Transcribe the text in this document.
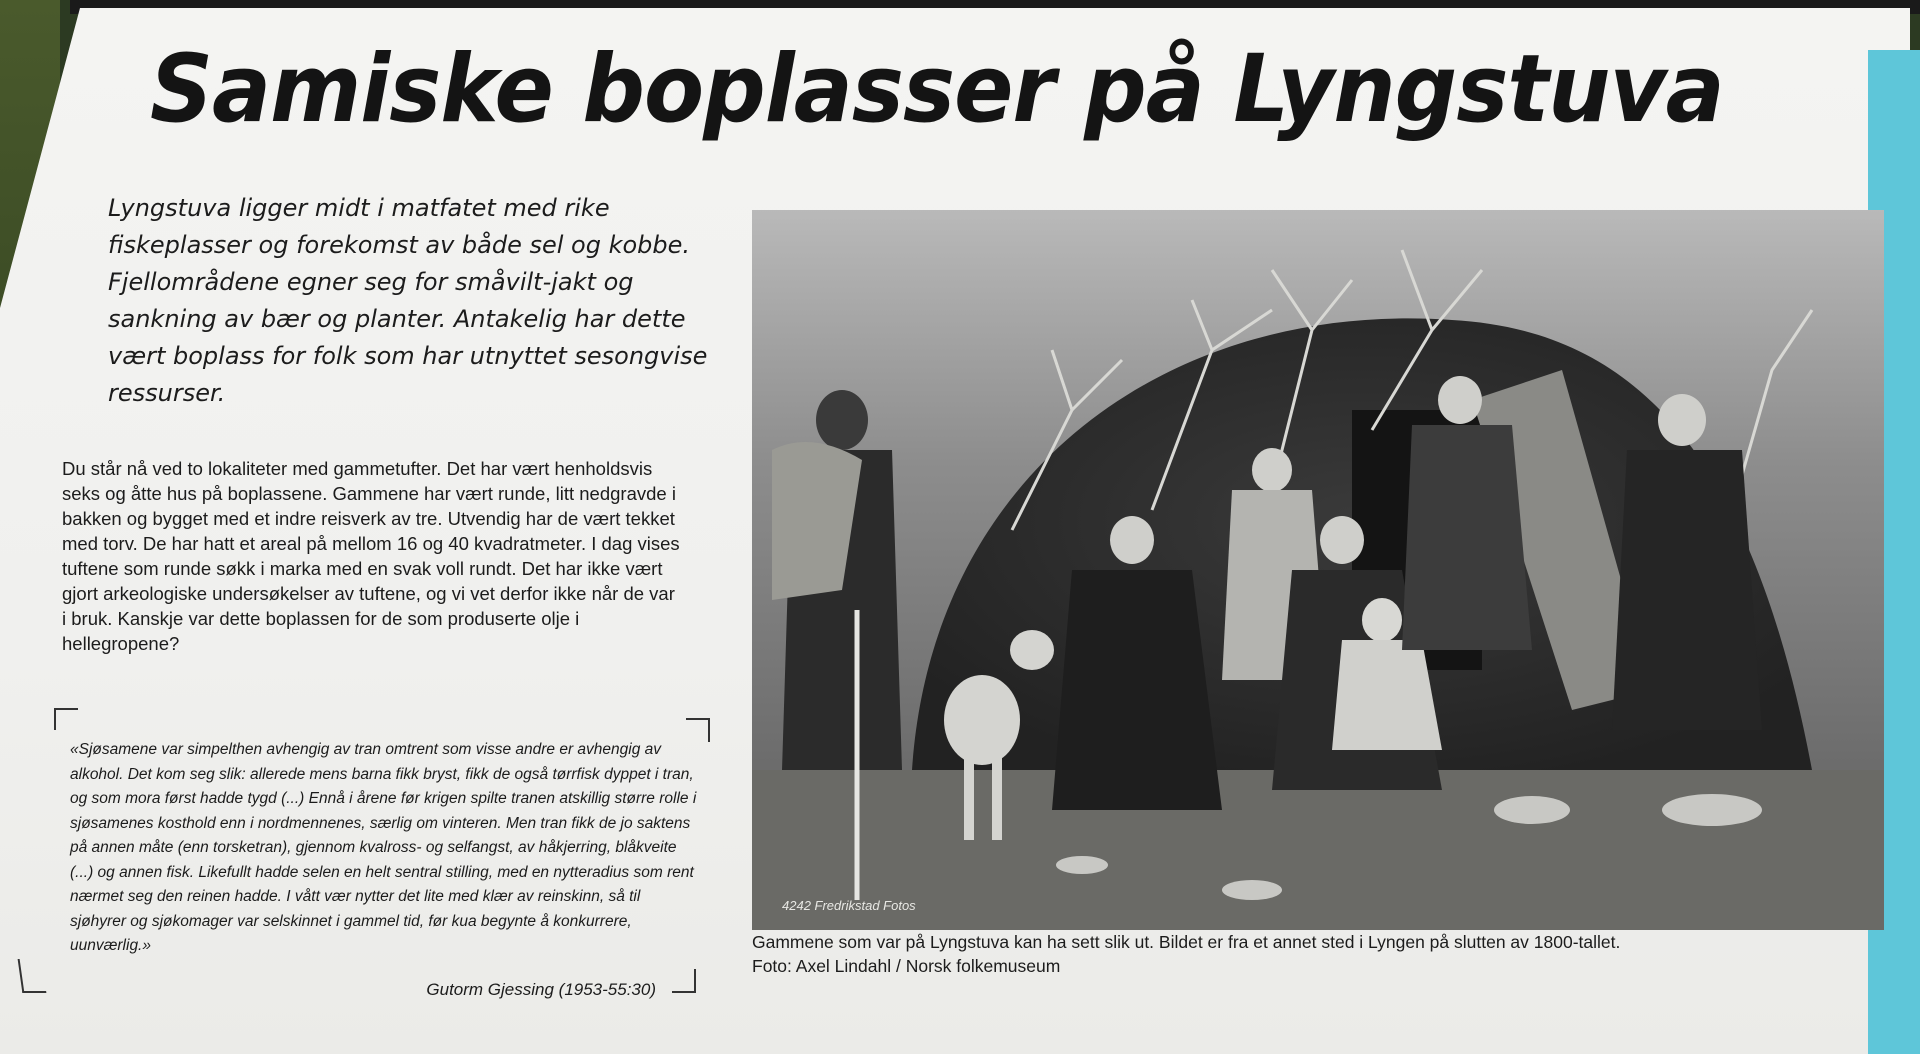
Samiske boplasser på Lyngstuva

Lyngstuva ligger midt i matfatet med rike fiskeplasser og forekomst av både sel og kobbe. Fjellområdene egner seg for småvilt-jakt og sankning av bær og planter. Antakelig har dette vært boplass for folk som har utnyttet sesongvise ressurser.

Du står nå ved to lokaliteter med gammetufter. Det har vært henholdsvis seks og åtte hus på boplassene. Gammene har vært runde, litt nedgravde i bakken og bygget med et indre reisverk av tre. Utvendig har de vært tekket med torv. De har hatt et areal på mellom 16 og 40 kvadratmeter. I dag vises tuftene som runde søkk i marka med en svak voll rundt. Det har ikke vært gjort arkeologiske undersøkelser av tuftene, og vi vet derfor ikke når de var i bruk. Kanskje var dette boplassen for de som produserte olje i hellegropene?

«Sjøsamene var simpelthen avhengig av tran omtrent som visse andre er avhengig av alkohol. Det kom seg slik: allerede mens barna fikk bryst, fikk de også tørrfisk dyppet i tran, og som mora først hadde tygd (...) Ennå i årene før krigen spilte tranen atskillig større rolle i sjøsamenes kosthold enn i nordmennenes, særlig om vinteren. Men tran fikk de jo saktens på annen måte (enn torsketran), gjennom kvalross- og selfangst, av håkjerring, blåkveite (...) og annen fisk. Likefullt hadde selen en helt sentral stilling, med en nytteradius som rent nærmet seg den reinen hadde. I vått vær nytter det lite med klær av reinskinn, så til sjøhyrer og sjøkomager var selskinnet i gammel tid, før kua begynte å konkurrere, uunværlig.»

Gutorm Gjessing (1953-55:30)
4242 Fredrikstad Fotos
Gammene som var på Lyngstuva kan ha sett slik ut. Bildet er fra et annet sted i Lyngen på slutten av 1800-tallet.
Foto: Axel Lindahl / Norsk folkemuseum
